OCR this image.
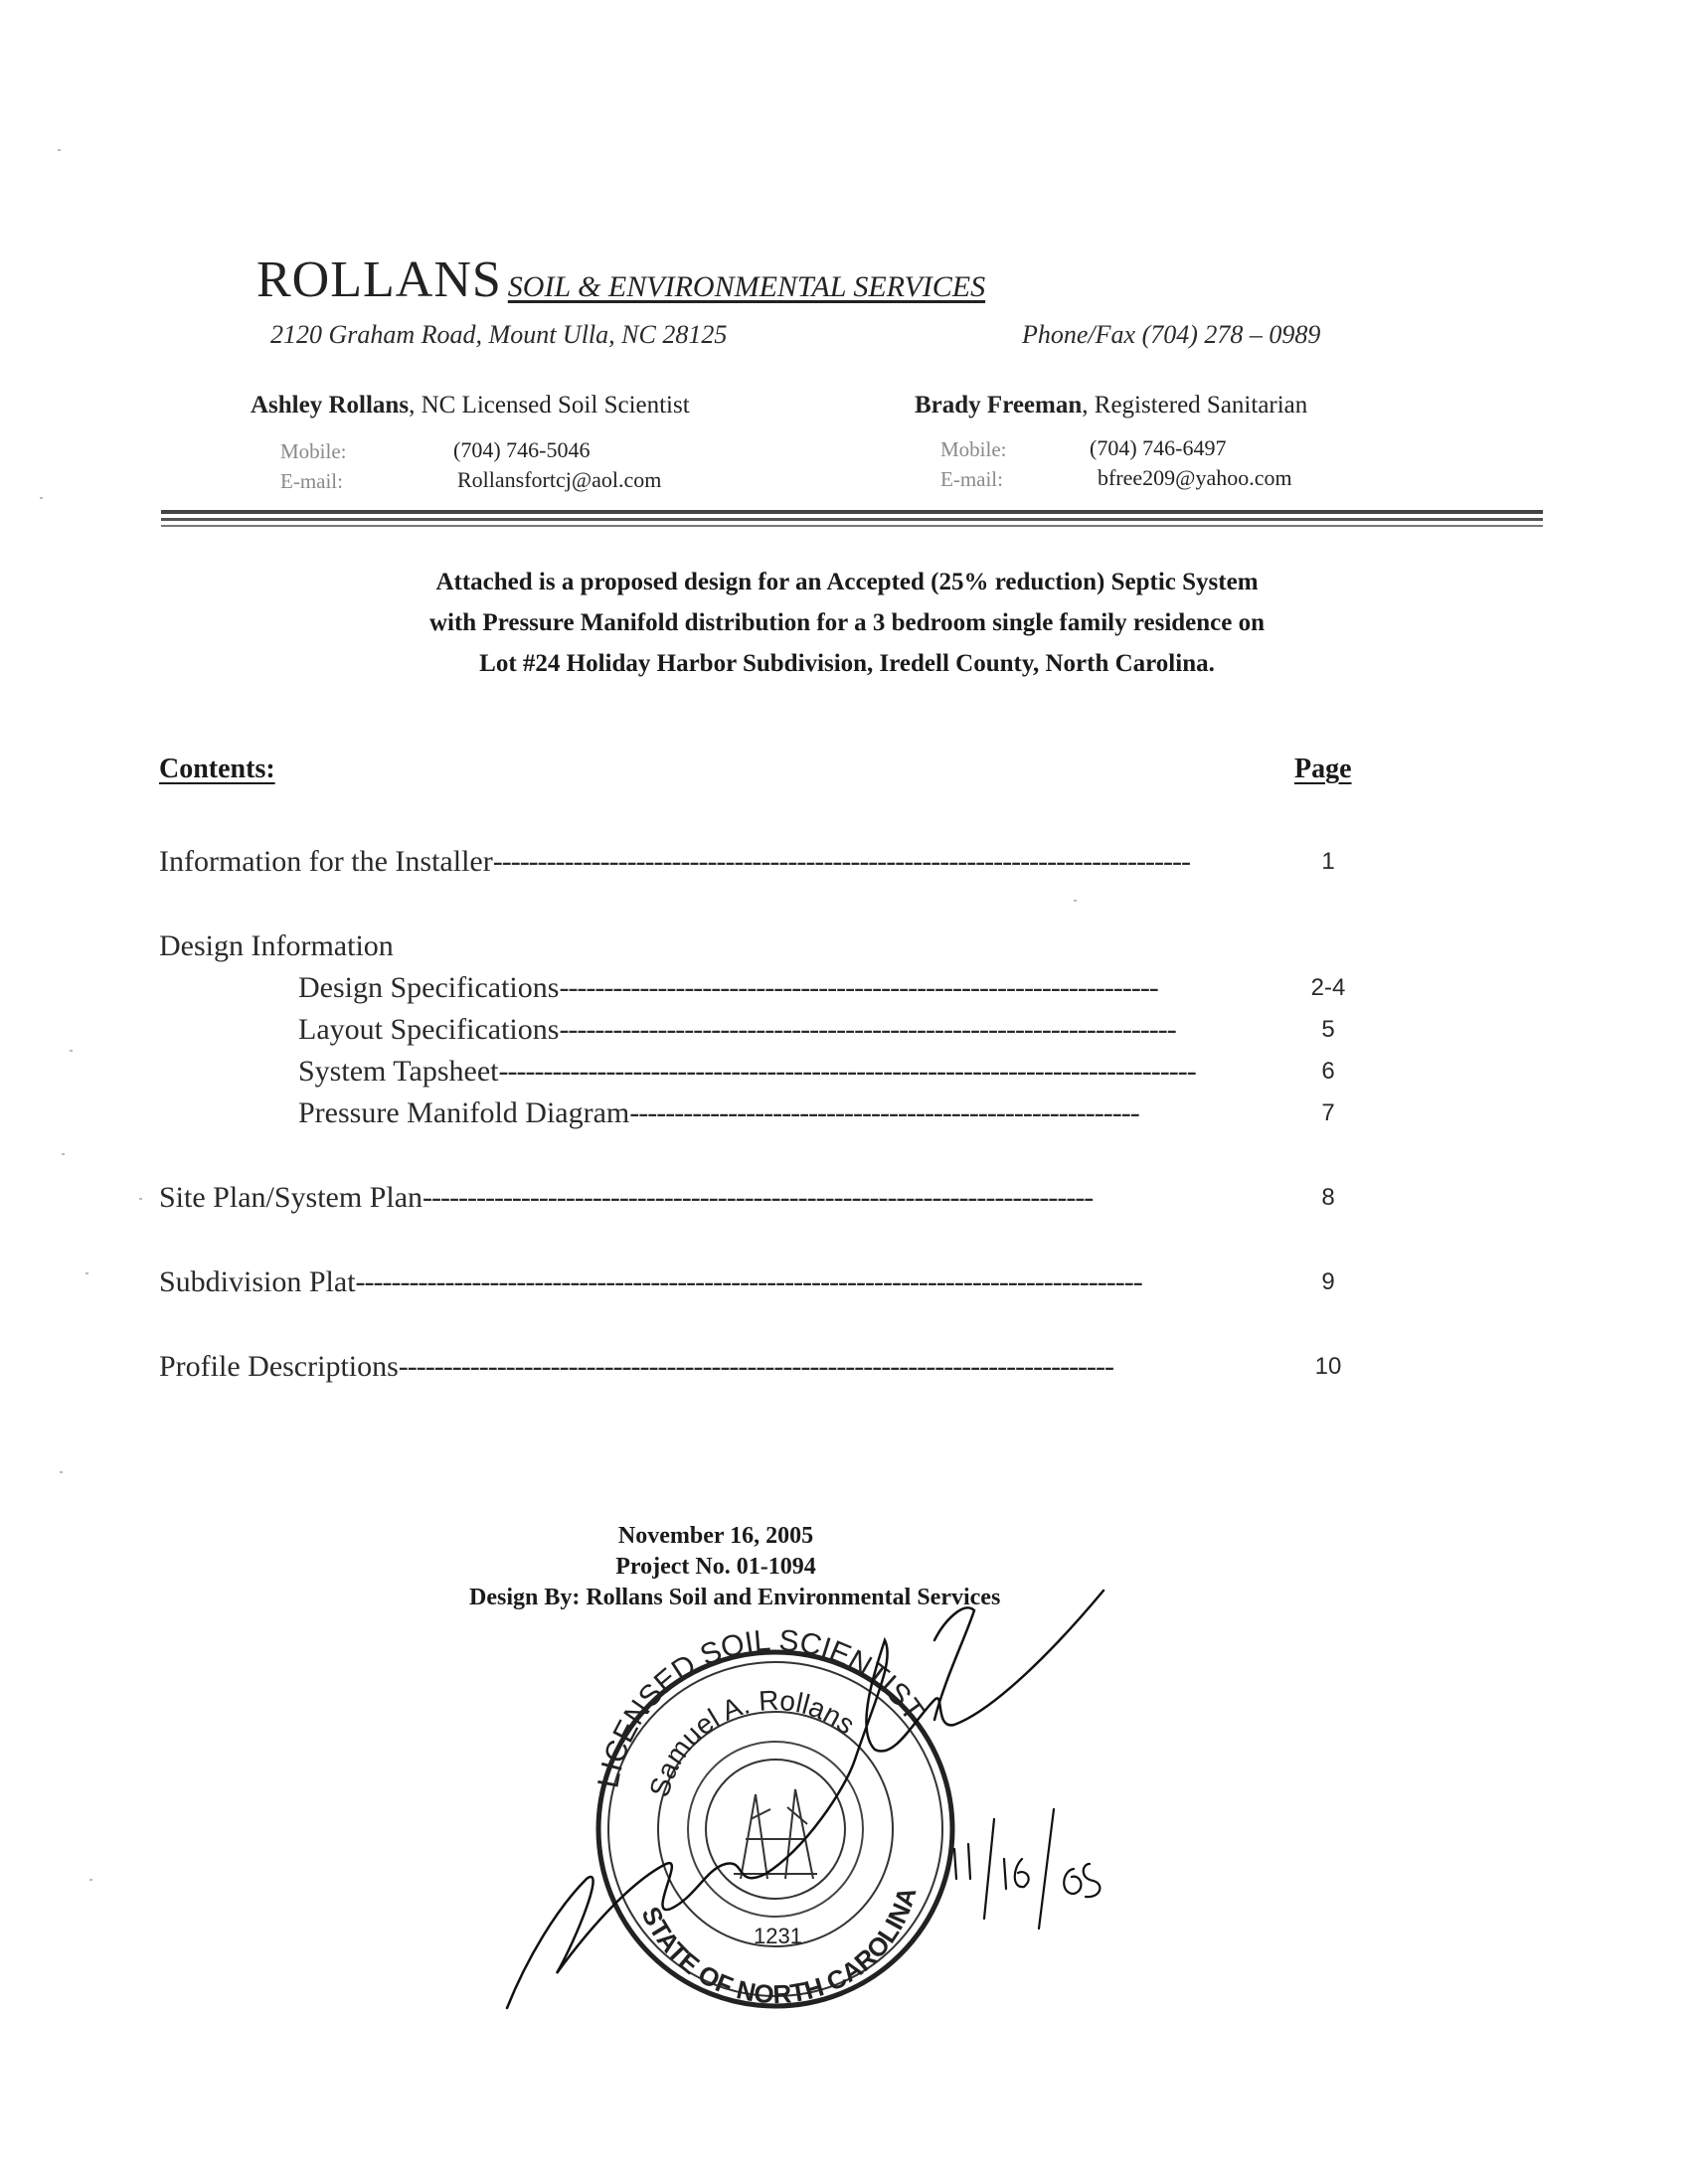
ROLLANS SOIL & ENVIRONMENTAL SERVICES
2120 Graham Road, Mount Ulla, NC 28125	Phone/Fax (704) 278 – 0989
Ashley Rollans, NC Licensed Soil Scientist
Mobile:	(704) 746-5046
E-mail:	Rollansfortcj@aol.com
Brady Freeman, Registered Sanitarian
Mobile:	(704) 746-6497
E-mail:	bfree209@yahoo.com
Attached is a proposed design for an Accepted (25% reduction) Septic System
with Pressure Manifold distribution for a 3 bedroom single family residence on
Lot #24 Holiday Harbor Subdivision, Iredell County, North Carolina.
Contents:	Page
Information for the Installer------------------------------------------------------------------------------	1
Design Information
Design Specifications-------------------------------------------------------------------	2-4
Layout Specifications---------------------------------------------------------------------	5
System Tapsheet------------------------------------------------------------------------------	6
Pressure Manifold Diagram---------------------------------------------------------	7
Site Plan/System Plan---------------------------------------------------------------------------	8
Subdivision Plat----------------------------------------------------------------------------------------	9
Profile Descriptions--------------------------------------------------------------------------------	10
November 16, 2005
Project No. 01-1094
Design By: Rollans Soil and Environmental Services
LICENSED SOIL SCIENTIST
Samuel A. Rollans
STATE OF NORTH CAROLINA
1231
11/16/05
